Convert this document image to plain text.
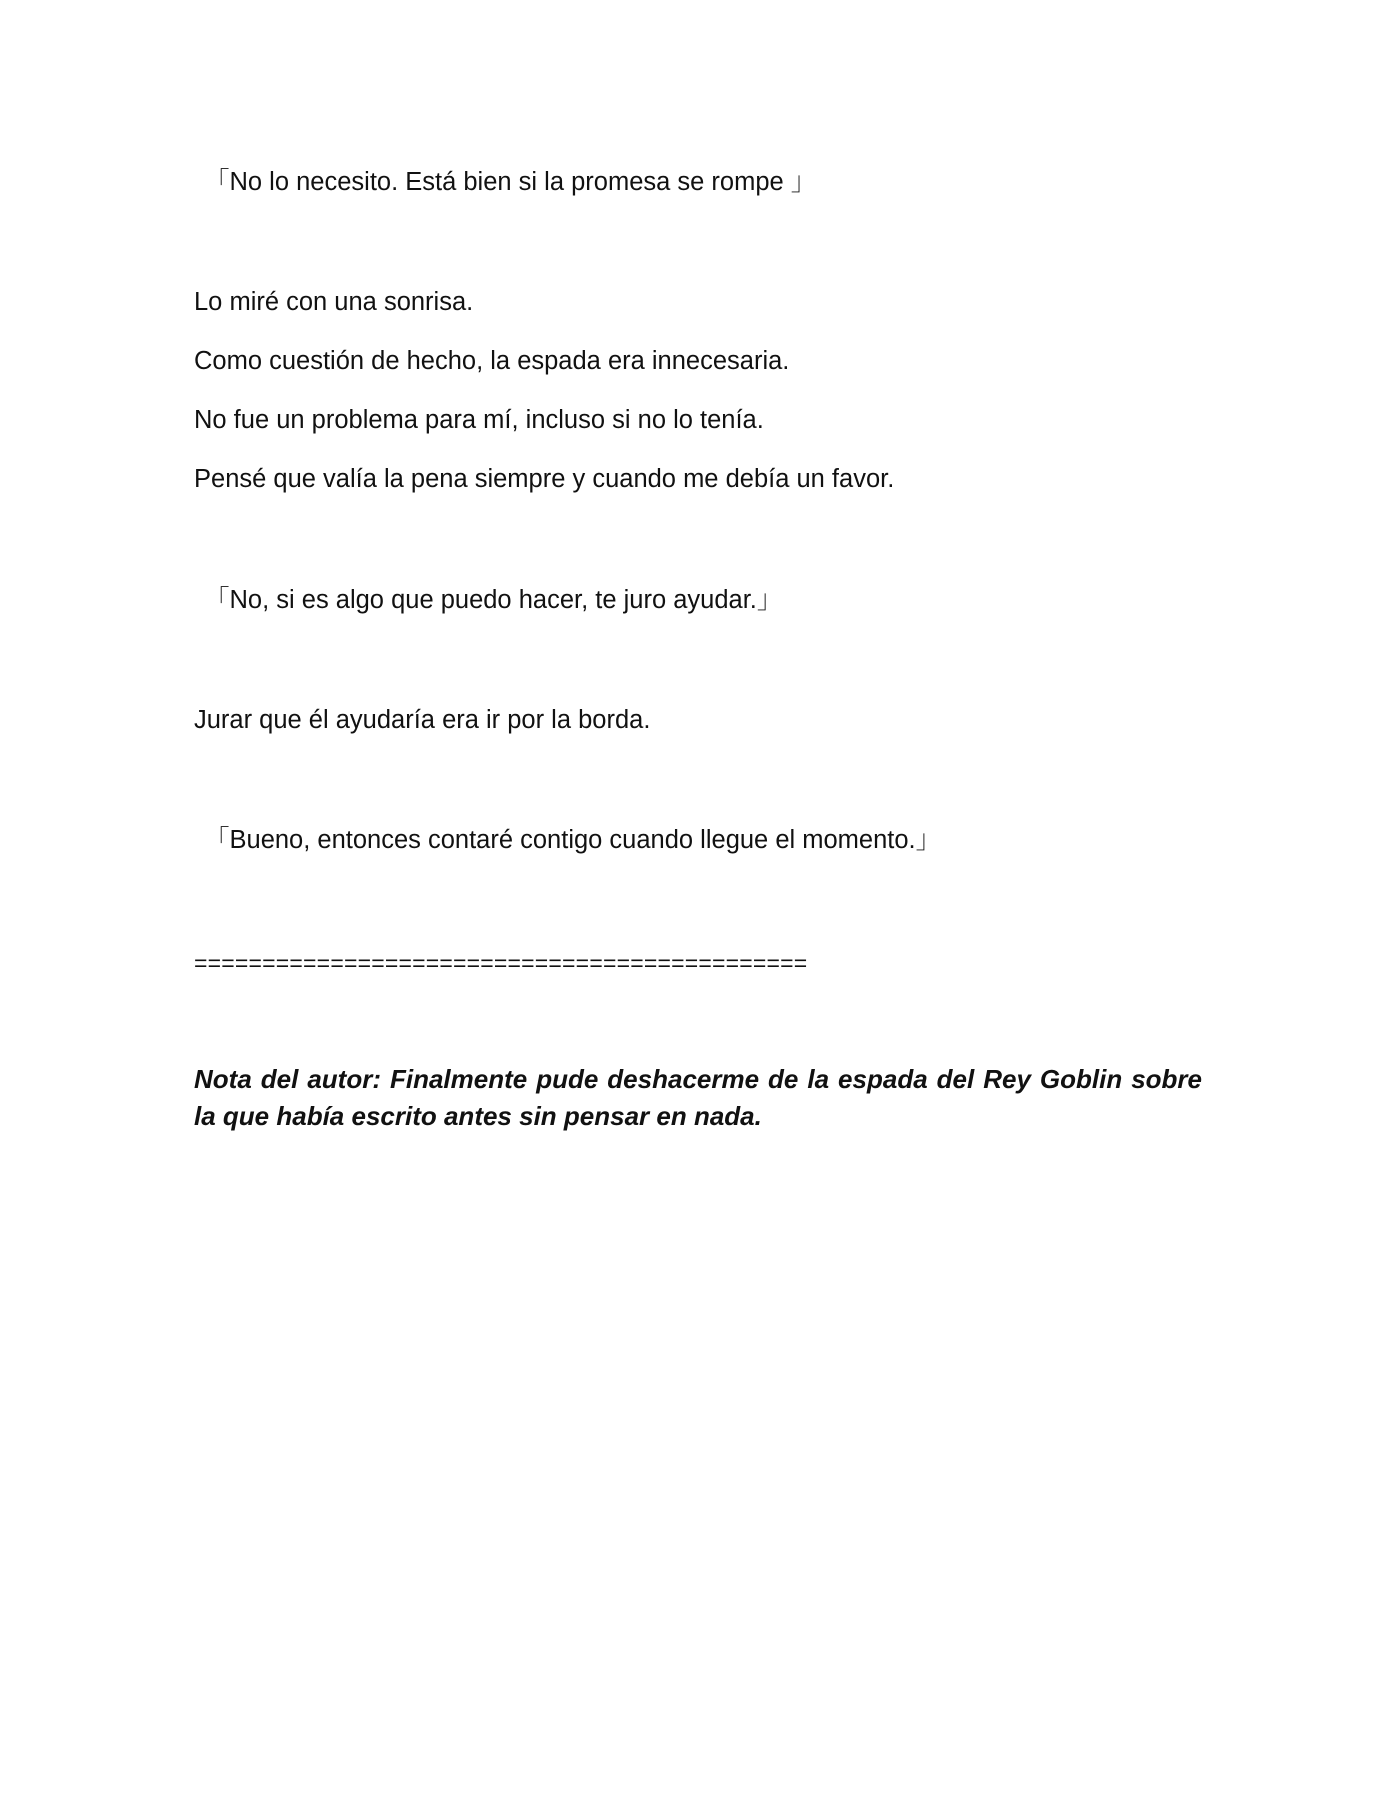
「No lo necesito. Está bien si la promesa se rompe 」

Lo miré con una sonrisa.

Como cuestión de hecho, la espada era innecesaria.

No fue un problema para mí, incluso si no lo tenía.

Pensé que valía la pena siempre y cuando me debía un favor.

「No, si es algo que puedo hacer, te juro ayudar.」

Jurar que él ayudaría era ir por la borda.

「Bueno, entonces contaré contigo cuando llegue el momento.」

=============================================

Nota del autor: Finalmente pude deshacerme de la espada del Rey Goblin sobre la que había escrito antes sin pensar en nada.
